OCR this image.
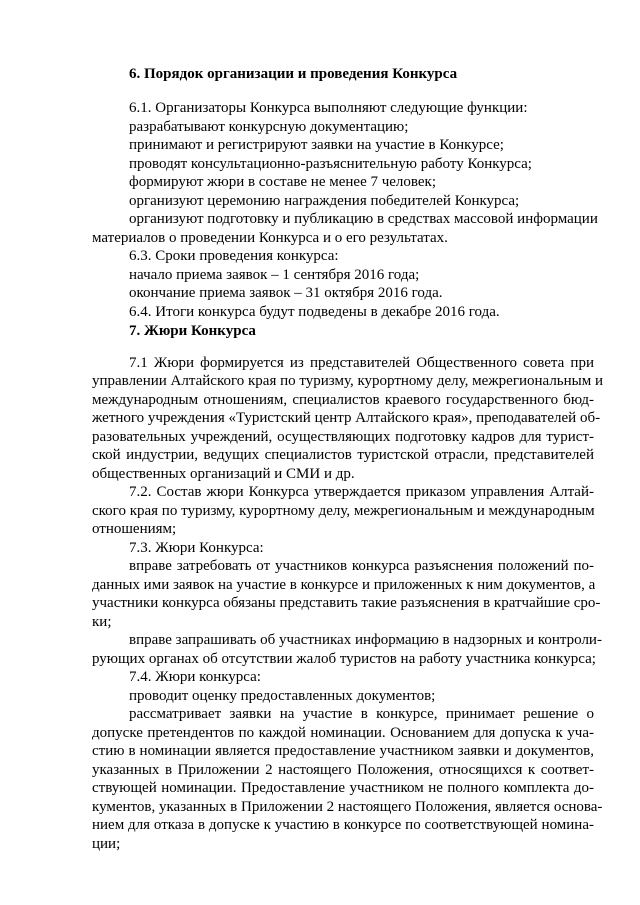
6. Порядок организации и проведения Конкурса

6.1. Организаторы Конкурса выполняют следующие функции:

разрабатывают конкурсную документацию;

принимают и регистрируют заявки на участие в Конкурсе;

проводят консультационно-разъяснительную работу Конкурса;

формируют жюри в составе не менее 7 человек;

организуют церемонию награждения победителей Конкурса;

организуют подготовку и публикацию в средствах массовой информации

материалов о проведении Конкурса и о его результатах.

6.3. Сроки проведения конкурса:

начало приема заявок – 1 сентября 2016 года;

окончание приема заявок – 31 октября 2016 года.

6.4. Итоги конкурса будут подведены в декабре 2016 года.

7. Жюри Конкурса

7.1 Жюри формируется из представителей Общественного совета при

управлении Алтайского края по туризму, курортному делу, межрегиональным и

международным отношениям, специалистов краевого государственного бюд-

жетного учреждения «Туристский центр Алтайского края», преподавателей об-

разовательных учреждений, осуществляющих подготовку кадров для турист-

ской индустрии, ведущих специалистов туристской отрасли, представителей

общественных организаций и СМИ и др.

7.2. Состав жюри Конкурса утверждается приказом управления Алтай-

ского края по туризму, курортному делу, межрегиональным и международным

отношениям;

7.3. Жюри Конкурса:

вправе затребовать от участников конкурса разъяснения положений по-

данных ими заявок на участие в конкурсе и приложенных к ним документов, а

участники конкурса обязаны представить такие разъяснения в кратчайшие сро-

ки;

вправе запрашивать об участниках информацию в надзорных и контроли-

рующих органах об отсутствии жалоб туристов на работу участника конкурса;

7.4. Жюри конкурса:

проводит оценку предоставленных документов;

рассматривает заявки на участие в конкурсе, принимает решение о

допуске претендентов по каждой номинации. Основанием для допуска к уча-

стию в номинации является предоставление участником заявки и документов,

указанных в Приложении 2 настоящего Положения, относящихся к соответ-

ствующей номинации. Предоставление участником не полного комплекта до-

кументов, указанных в Приложении 2 настоящего Положения, является основа-

нием для отказа в допуске к участию в конкурсе по соответствующей номина-

ции;
